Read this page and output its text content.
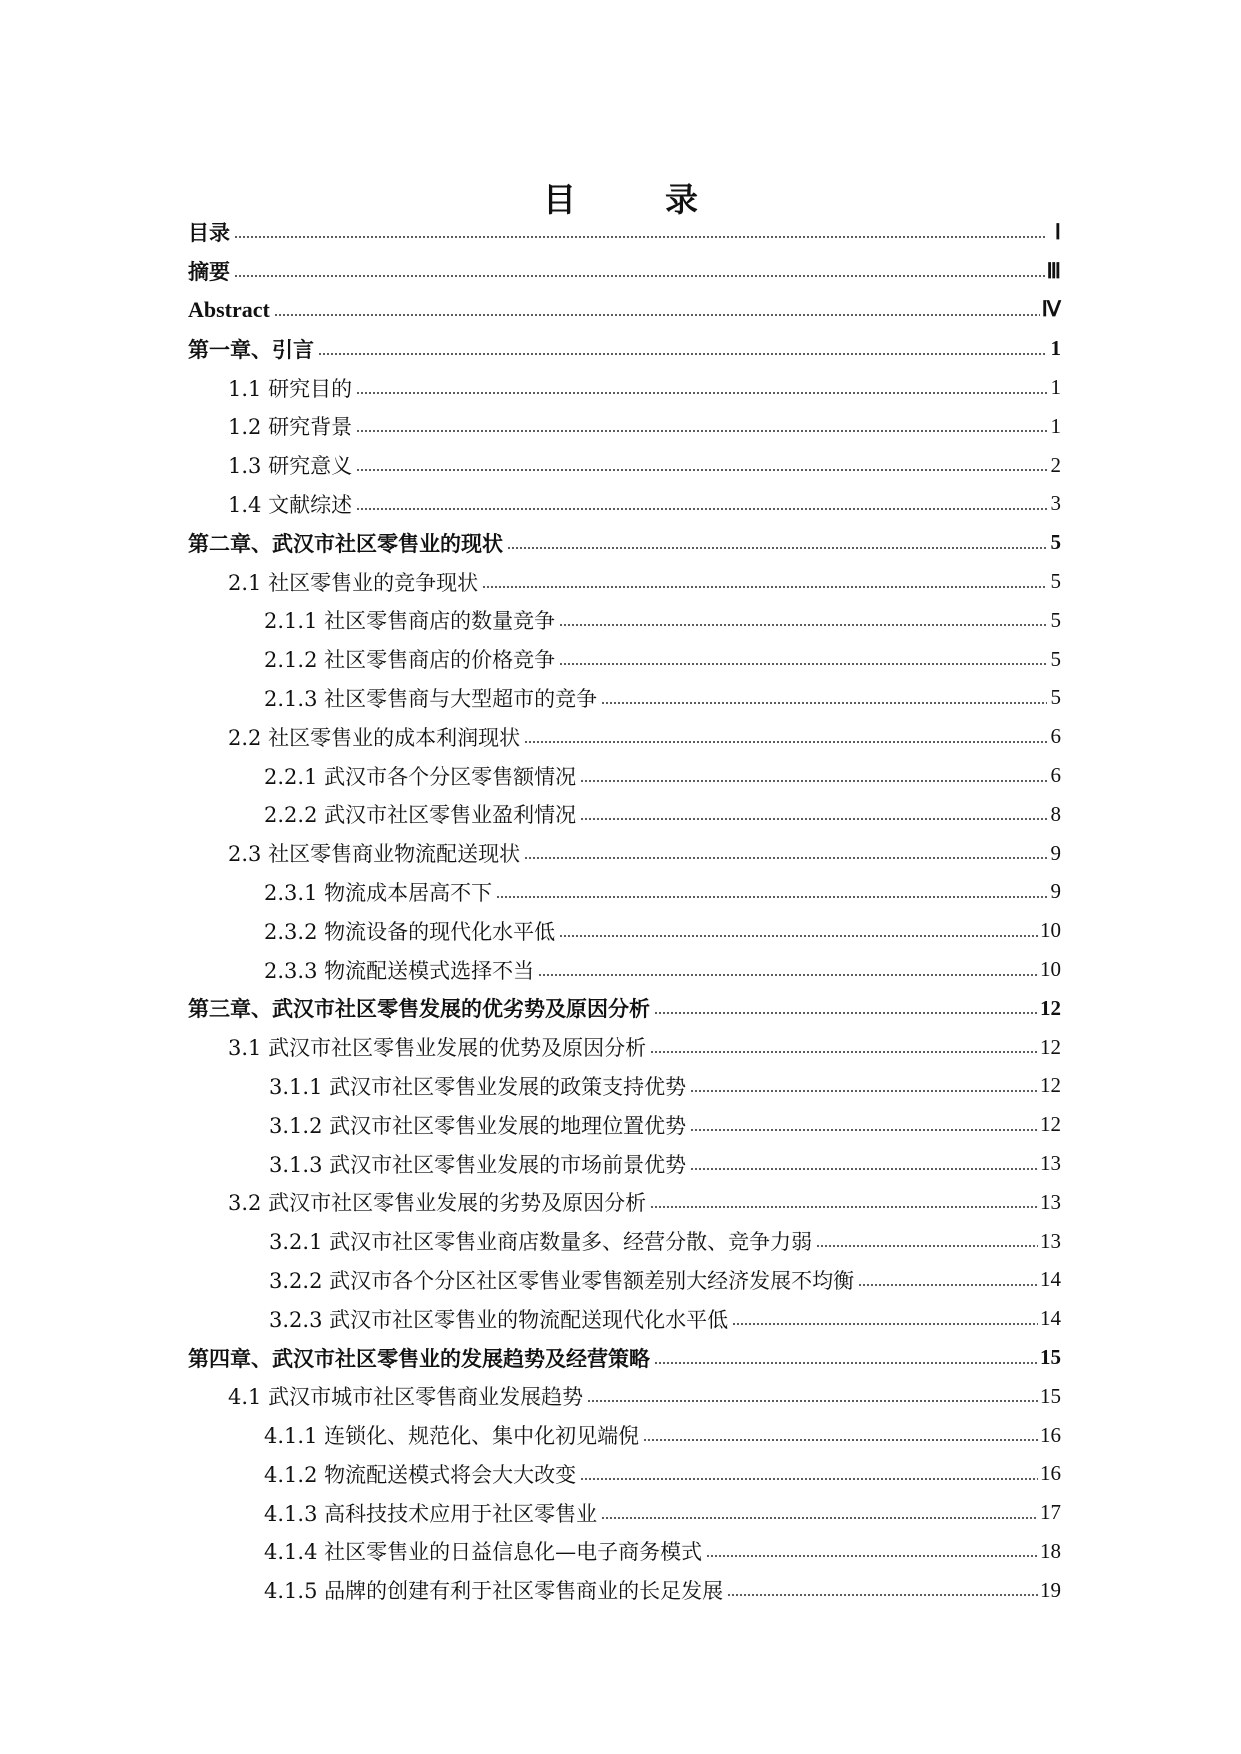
目　录
目录	Ⅰ
摘要	Ⅲ
Abstract	Ⅳ
第一章、引言	1
1.1 研究目的	1
1.2 研究背景	1
1.3 研究意义	2
1.4 文献综述	3
第二章、武汉市社区零售业的现状	5
2.1 社区零售业的竞争现状	5
2.1.1 社区零售商店的数量竞争	5
2.1.2 社区零售商店的价格竞争	5
2.1.3 社区零售商与大型超市的竞争	5
2.2 社区零售业的成本利润现状	6
2.2.1 武汉市各个分区零售额情况	6
2.2.2 武汉市社区零售业盈利情况	8
2.3 社区零售商业物流配送现状	9
2.3.1 物流成本居高不下	9
2.3.2 物流设备的现代化水平低	10
2.3.3 物流配送模式选择不当	10
第三章、武汉市社区零售发展的优劣势及原因分析	12
3.1 武汉市社区零售业发展的优势及原因分析	12
3.1.1 武汉市社区零售业发展的政策支持优势	12
3.1.2 武汉市社区零售业发展的地理位置优势	12
3.1.3 武汉市社区零售业发展的市场前景优势	13
3.2 武汉市社区零售业发展的劣势及原因分析	13
3.2.1 武汉市社区零售业商店数量多、经营分散、竞争力弱	13
3.2.2 武汉市各个分区社区零售业零售额差别大经济发展不均衡	14
3.2.3 武汉市社区零售业的物流配送现代化水平低	14
第四章、武汉市社区零售业的发展趋势及经营策略	15
4.1 武汉市城市社区零售商业发展趋势	15
4.1.1 连锁化、规范化、集中化初见端倪	16
4.1.2 物流配送模式将会大大改变	16
4.1.3 高科技技术应用于社区零售业	17
4.1.4 社区零售业的日益信息化—电子商务模式	18
4.1.5 品牌的创建有利于社区零售商业的长足发展	19
